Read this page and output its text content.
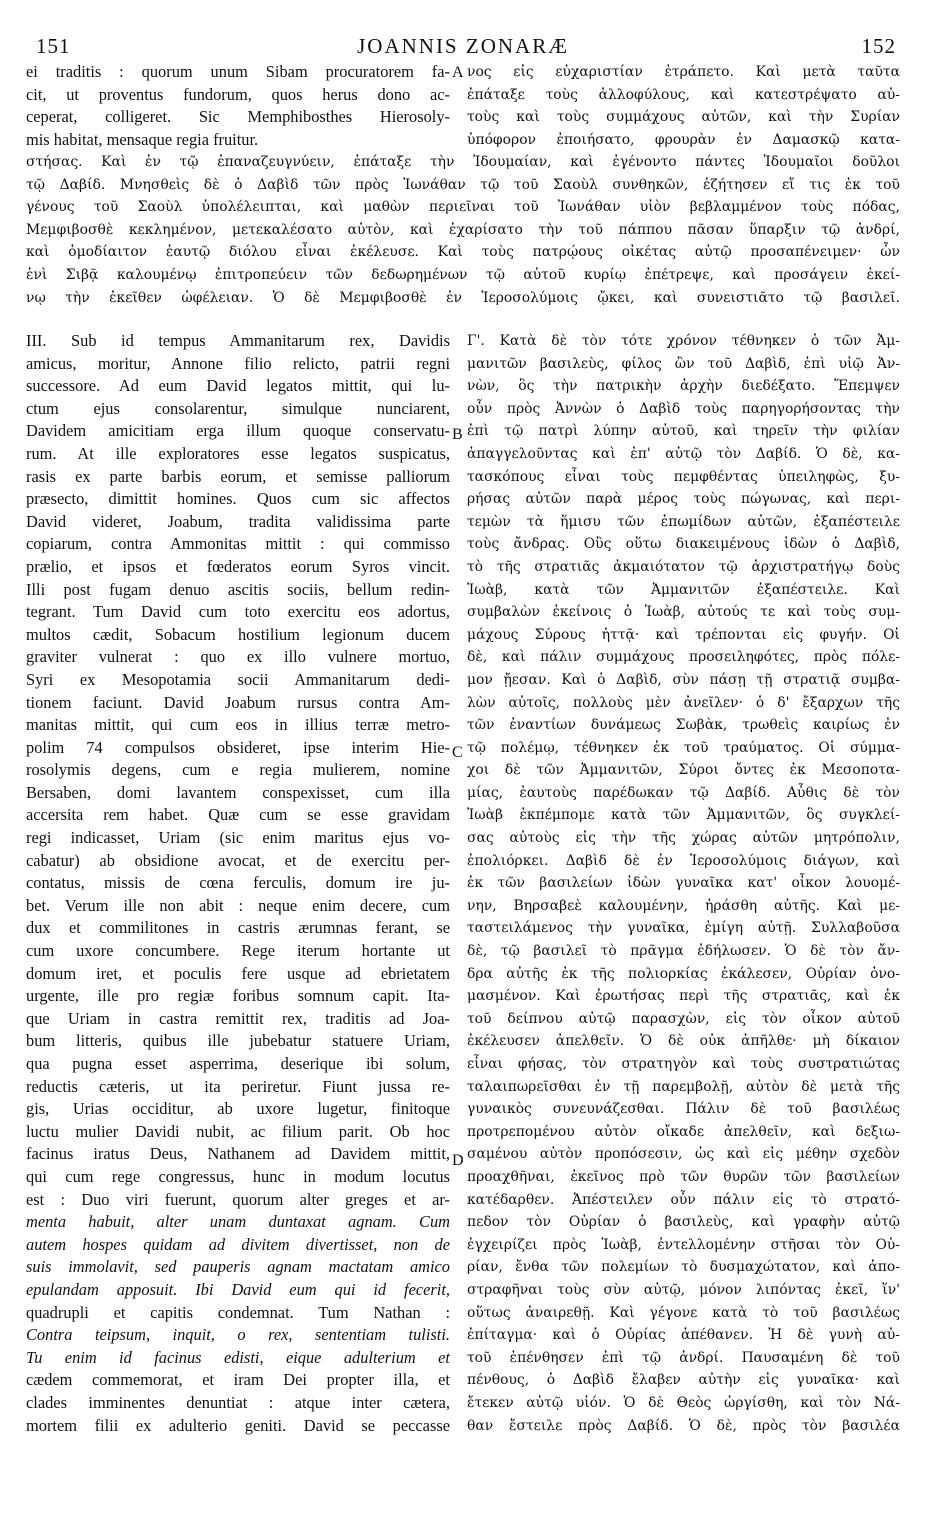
151	JOANNIS ZONARÆ	152
ei traditis : quorum unum Sibam procuratorem fa-
cit, ut proventus fundorum, quos herus dono ac-
ceperat, colligeret. Sic Memphibosthes Hierosoly-
mis habitat, mensaque regia fruitur.
νος εἰς εὐχαριστίαν ἐτράπετο. Καὶ μετὰ ταῦτα
ἐπάταξε τοὺς ἀλλοφύλους, καὶ κατεστρέψατο αὐ-
τοὺς καὶ τοὺς συμμάχους αὐτῶν, καὶ τὴν Συρίαν
ὑπόφορον ἐποιήσατο, φρουρὰν ἐν Δαμασκῷ κατα-
στήσας. Καὶ ἐν τῷ ἐπαναζευγνύειν, ἐπάταξε τὴν Ἰδουμαίαν, καὶ ἐγένοντο πάντες Ἰδουμαῖοι δοῦλοι
τῷ Δαβίδ. Μνησθεὶς δὲ ὁ Δαβὶδ τῶν πρὸς Ἰωνάθαν τῷ τοῦ Σαοὺλ συνθηκῶν, ἐζήτησεν εἴ τις ἐκ τοῦ
γένους τοῦ Σαοὺλ ὑπολέλειπται, καὶ μαθὼν περιεῖναι τοῦ Ἰωνάθαν υἱὸν βεβλαμμένον τοὺς πόδας,
Μεμφιβοσθὲ κεκλημένον, μετεκαλέσατο αὐτὸν, καὶ ἐχαρίσατο τὴν τοῦ πάππου πᾶσαν ὕπαρξιν τῷ ἀνδρί,
καὶ ὁμοδίαιτον ἑαυτῷ διόλου εἶναι ἐκέλευσε. Καὶ τοὺς πατρῴους οἰκέτας αὐτῷ προσαπένειμεν· ὧν
ἑνὶ Σιβᾷ καλουμένῳ ἐπιτροπεύειν τῶν δεδωρημένων τῷ αὐτοῦ κυρίῳ ἐπέτρεψε, καὶ προσάγειν ἐκεί-
νῳ τὴν ἐκεῖθεν ὠφέλειαν. Ὁ δὲ Μεμφιβοσθὲ ἐν Ἱεροσολύμοις ᾤκει, καὶ συνειστιᾶτο τῷ βασιλεῖ.
III. Sub id tempus Ammanitarum rex, Davidis
amicus, moritur, Annone filio relicto, patrii regni
successore. Ad eum David legatos mittit, qui lu-
ctum ejus consolarentur, simulque nunciarent,
Davidem amicitiam erga illum quoque conservatu-
rum. At ille exploratores esse legatos suspicatus,
rasis ex parte barbis eorum, et semisse palliorum
præsecto, dimittit homines. Quos cum sic affectos
David videret, Joabum, tradita validissima parte
copiarum, contra Ammonitas mittit : qui commisso
prælio, et ipsos et fœderatos eorum Syros vincit.
Illi post fugam denuo ascitis sociis, bellum redin-
tegrant. Tum David cum toto exercitu eos adortus,
multos cædit, Sobacum hostilium legionum ducem
graviter vulnerat : quo ex illo vulnere mortuo,
Syri ex Mesopotamia socii Ammanitarum dedi-
tionem faciunt. David Joabum rursus contra Am-
manitas mittit, qui cum eos in illius terræ metro-
polim 74 compulsos obsideret, ipse interim Hie-
rosolymis degens, cum e regia mulierem, nomine
Bersaben, domi lavantem conspexisset, cum illa
accersita rem habet. Quæ cum se esse gravidam
regi indicasset, Uriam (sic enim maritus ejus vo-
cabatur) ab obsidione avocat, et de exercitu per-
contatus, missis de cœna ferculis, domum ire ju-
bet. Verum ille non abit : neque enim decere, cum
dux et commilitones in castris ærumnas ferant, se
cum uxore concumbere. Rege iterum hortante ut
domum iret, et poculis fere usque ad ebrietatem
urgente, ille pro regiæ foribus somnum capit. Ita-
que Uriam in castra remittit rex, traditis ad Joa-
bum litteris, quibus ille jubebatur statuere Uriam,
qua pugna esset asperrima, deserique ibi solum,
reductis cæteris, ut ita periretur. Fiunt jussa re-
gis, Urias occiditur, ab uxore lugetur, finitoque
luctu mulier Davidi nubit, ac filium parit. Ob hoc
facinus iratus Deus, Nathanem ad Davidem mittit,
qui cum rege congressus, hunc in modum locutus
est : Duo viri fuerunt, quorum alter greges et ar-
menta habuit, alter unam duntaxat agnam. Cum
autem hospes quidam ad divitem divertisset, non de
suis immolavit, sed pauperis agnam mactatam amico
epulandam apposuit. Ibi David eum qui id fecerit,
quadrupli et capitis condemnat. Tum Nathan :
Contra teipsum, inquit, o rex, sententiam tulisti.
Tu enim id facinus edisti, eique adulterium et
cædem commemorat, et iram Dei propter illa, et
clades imminentes denuntiat : atque inter cætera,
mortem filii ex adulterio geniti. David se peccasse
Γ'. Κατὰ δὲ τὸν τότε χρόνον τέθνηκεν ὁ τῶν Ἀμ-
μανιτῶν βασιλεὺς, φίλος ὢν τοῦ Δαβὶδ, ἐπὶ υἱῷ Ἀν-
νὼν, ὃς τὴν πατρικὴν ἀρχὴν διεδέξατο. Ἔπεμψεν
οὖν πρὸς Ἀννὼν ὁ Δαβὶδ τοὺς παρηγορήσοντας τὴν
ἐπὶ τῷ πατρὶ λύπην αὐτοῦ, καὶ τηρεῖν τὴν φιλίαν
ἀπαγγελοῦντας καὶ ἐπ' αὐτῷ τὸν Δαβίδ. Ὁ δὲ, κα-
τασκόπους εἶναι τοὺς πεμφθέντας ὑπειληφὼς, ξυ-
ρήσας αὐτῶν παρὰ μέρος τοὺς πώγωνας, καὶ περι-
τεμὼν τὰ ἥμισυ τῶν ἐπωμίδων αὐτῶν, ἐξαπέστειλε
τοὺς ἄνδρας. Οὓς οὕτω διακειμένους ἰδὼν ὁ Δαβὶδ,
τὸ τῆς στρατιᾶς ἀκμαιότατον τῷ ἀρχιστρατήγῳ δοὺς
Ἰωὰβ, κατὰ τῶν Ἀμμανιτῶν ἐξαπέστειλε. Καὶ
συμβαλὼν ἐκείνοις ὁ Ἰωὰβ, αὐτούς τε καὶ τοὺς συμ-
μάχους Σύρους ἡττᾷ· καὶ τρέπονται εἰς φυγήν. Οἱ
δὲ, καὶ πάλιν συμμάχους προσειληφότες, πρὸς πόλε-
μον ᾔεσαν. Καὶ ὁ Δαβὶδ, σὺν πάσῃ τῇ στρατιᾷ συμβα-
λὼν αὐτοῖς, πολλοὺς μὲν ἀνεῖλεν· ὁ δ' ἔξαρχων τῆς
τῶν ἐναντίων δυνάμεως Σωβὰκ, τρωθεὶς καιρίως ἐν
τῷ πολέμῳ, τέθνηκεν ἐκ τοῦ τραύματος. Οἱ σύμμα-
χοι δὲ τῶν Ἀμμανιτῶν, Σύροι ὄντες ἐκ Μεσοποτα-
μίας, ἑαυτοὺς παρέδωκαν τῷ Δαβίδ. Αὖθις δὲ τὸν
Ἰωὰβ ἐκπέμπομε κατὰ τῶν Ἀμμανιτῶν, ὃς συγκλεί-
σας αὐτοὺς εἰς τὴν τῆς χώρας αὐτῶν μητρόπολιν,
ἐπολιόρκει. Δαβὶδ δὲ ἐν Ἱεροσολύμοις διάγων, καὶ
ἐκ τῶν βασιλείων ἰδὼν γυναῖκα κατ' οἶκον λουομέ-
νην, Βηρσαβεὲ καλουμένην, ἠράσθη αὐτῆς. Καὶ με-
ταστειλάμενος τὴν γυναῖκα, ἐμίγη αὐτῇ. Συλλαβοῦσα
δὲ, τῷ βασιλεῖ τὸ πρᾶγμα ἐδήλωσεν. Ὁ δὲ τὸν ἄν-
δρα αὐτῆς ἐκ τῆς πολιορκίας ἐκάλεσεν, Οὐρίαν ὀνο-
μασμένον. Καὶ ἐρωτήσας περὶ τῆς στρατιᾶς, καὶ ἐκ
τοῦ δείπνου αὐτῷ παρασχὼν, εἰς τὸν οἶκον αὐτοῦ
ἐκέλευσεν ἀπελθεῖν. Ὁ δὲ οὐκ ἀπῆλθε· μὴ δίκαιον
εἶναι φήσας, τὸν στρατηγὸν καὶ τοὺς συστρατιώτας
ταλαιπωρεῖσθαι ἐν τῇ παρεμβολῇ, αὐτὸν δὲ μετὰ τῆς
γυναικὸς συνευνάζεσθαι. Πάλιν δὲ τοῦ βασιλέως
προτρεπομένου αὐτὸν οἴκαδε ἀπελθεῖν, καὶ δεξιω-
σαμένου αὐτὸν προπόσεσιν, ὡς καὶ εἰς μέθην σχεδὸν
προαχθῆναι, ἐκεῖνος πρὸ τῶν θυρῶν τῶν βασιλείων
κατέδαρθεν. Ἀπέστειλεν οὖν πάλιν εἰς τὸ στρατό-
πεδον τὸν Οὐρίαν ὁ βασιλεὺς, καὶ γραφὴν αὐτῷ
ἐγχειρίζει πρὸς Ἰωὰβ, ἐντελλομένην στῆσαι τὸν Οὐ-
ρίαν, ἔνθα τῶν πολεμίων τὸ δυσμαχώτατον, καὶ ἀπο-
στραφῆναι τοὺς σὺν αὐτῷ, μόνον λιπόντας ἐκεῖ, ἵν'
οὕτως ἀναιρεθῇ. Καὶ γέγονε κατὰ τὸ τοῦ βασιλέως
ἐπίταγμα· καὶ ὁ Οὐρίας ἀπέθανεν. Ἡ δὲ γυνὴ αὐ-
τοῦ ἐπένθησεν ἐπὶ τῷ ἀνδρί. Παυσαμένη δὲ τοῦ
πένθους, ὁ Δαβὶδ ἔλαβεν αὐτὴν εἰς γυναῖκα· καὶ
ἔτεκεν αὐτῷ υἱόν. Ὁ δὲ Θεὸς ὠργίσθη, καὶ τὸν Νά-
θαν ἔστειλε πρὸς Δαβίδ. Ὁ δὲ, πρὸς τὸν βασιλέα
A
B
C
D
